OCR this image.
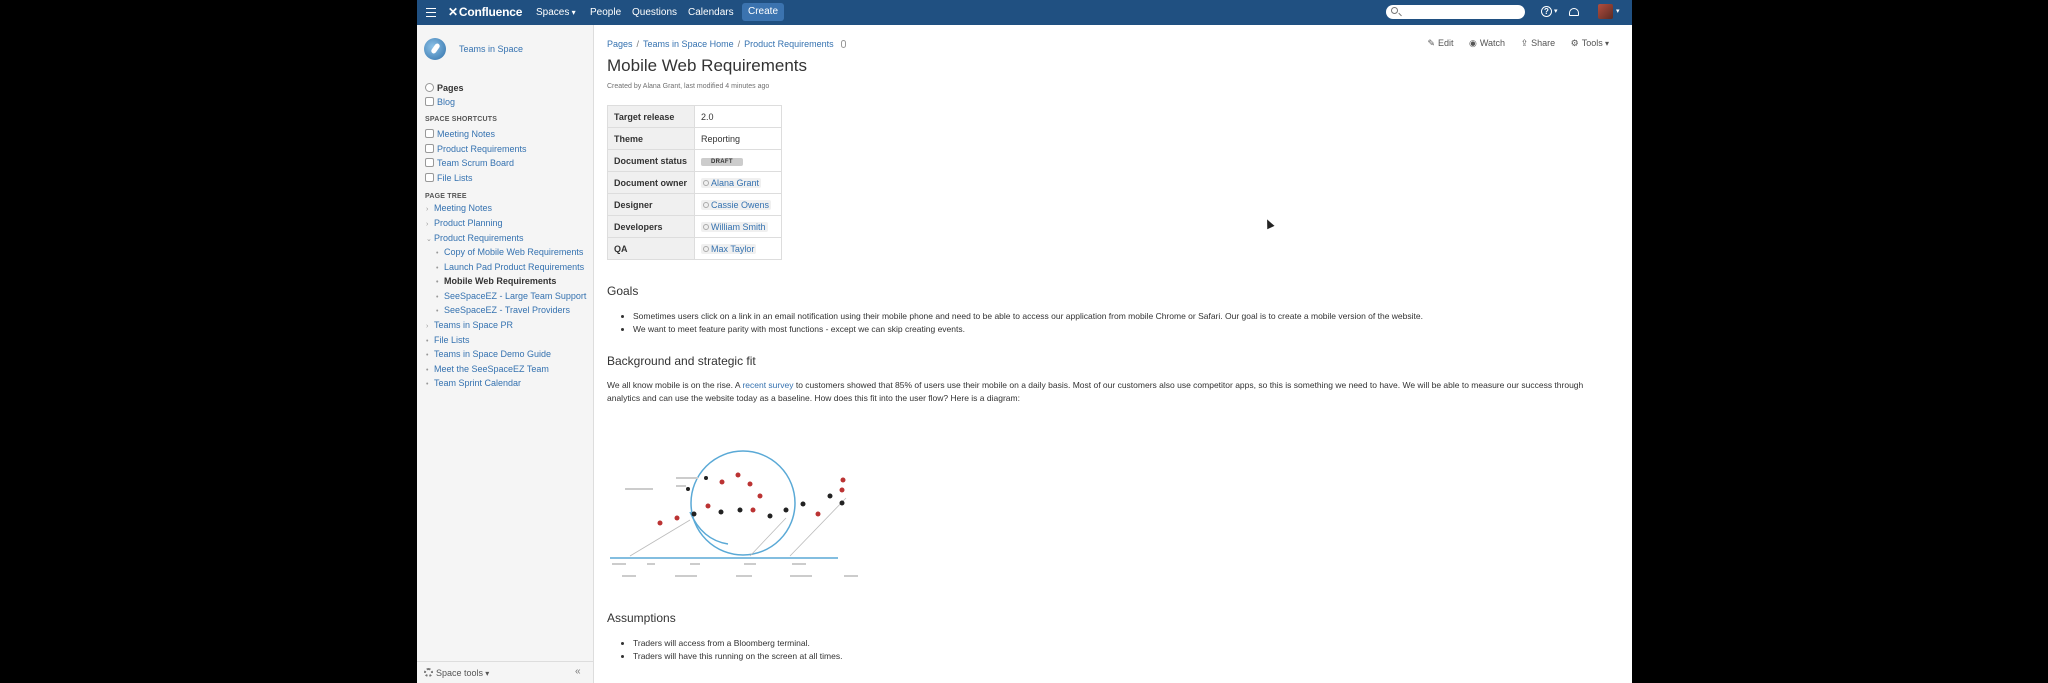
✕Confluence Spaces ▾	People Questions Calendars	Create	? ▾	▾
Teams in Space
Pages
Blog
SPACE SHORTCUTS
Meeting Notes
Product Requirements
Team Scrum Board
File Lists
PAGE TREE
› Meeting Notes
› Product Planning
⌄ Product Requirements
• Copy of Mobile Web Requirements
• Launch Pad Product Requirements
• Mobile Web Requirements
• SeeSpaceEZ - Large Team Support
• SeeSpaceEZ - Travel Providers
› Teams in Space PR
• File Lists
• Teams in Space Demo Guide
• Meet the SeeSpaceEZ Team
• Team Sprint Calendar
Space tools ▾	«
Pages / Teams in Space Home / Product Requirements	✎ Edit ◉ Watch ⇪ Share ⚙ Tools ▾
Mobile Web Requirements
Created by Alana Grant, last modified 4 minutes ago
Target release	2.0
Theme	Reporting
Document status	DRAFT
Document owner	Alana Grant
Designer	Cassie Owens
Developers	William Smith
QA	Max Taylor
Goals
• Sometimes users click on a link in an email notification using their mobile phone and need to be able to access our application from mobile Chrome or Safari. Our goal is to create a mobile version of the website.
• We want to meet feature parity with most functions - except we can skip creating events.
Background and strategic fit
We all know mobile is on the rise. A recent survey to customers showed that 85% of users use their mobile on a daily basis. Most of our customers also use competitor apps, so this is something we need to have. We will be able to measure our success through analytics and can use the website today as a baseline. How does this fit into the user flow? Here is a diagram:
Assumptions
• Traders will access from a Bloomberg terminal.
• Traders will have this running on the screen at all times.
